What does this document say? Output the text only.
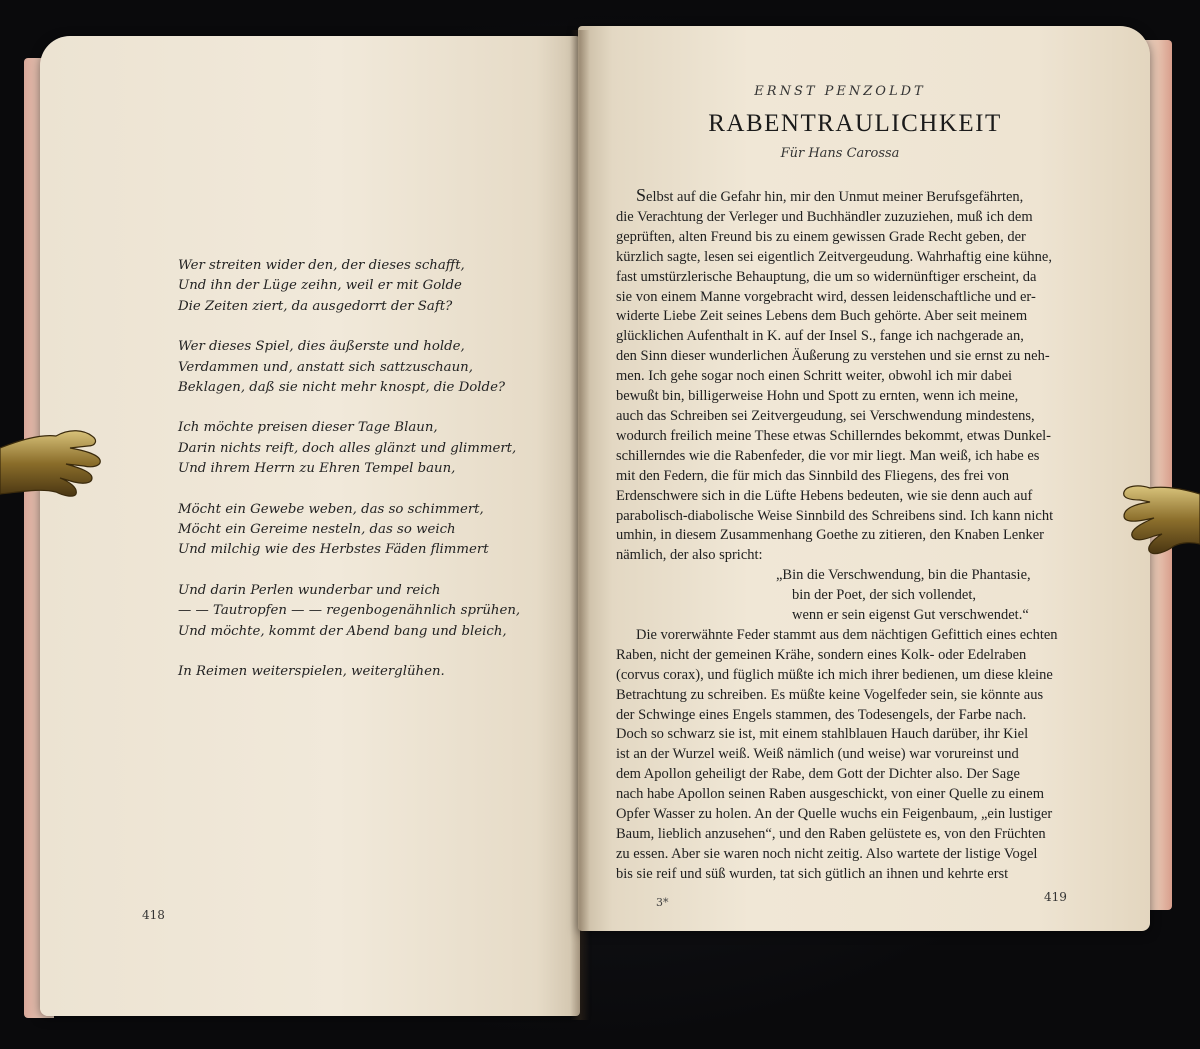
Wer streiten wider den, der dieses schafft,
Und ihn der Lüge zeihn, weil er mit Golde
Die Zeiten ziert, da ausgedorrt der Saft?
Wer dieses Spiel, dies äußerste und holde,
Verdammen und, anstatt sich sattzuschaun,
Beklagen, daß sie nicht mehr knospt, die Dolde?
Ich möchte preisen dieser Tage Blaun,
Darin nichts reift, doch alles glänzt und glimmert,
Und ihrem Herrn zu Ehren Tempel baun,
Möcht ein Gewebe weben, das so schimmert,
Möcht ein Gereime nesteln, das so weich
Und milchig wie des Herbstes Fäden flimmert
Und darin Perlen wunderbar und reich
— — Tautropfen — — regenbogenähnlich sprühen,
Und möchte, kommt der Abend bang und bleich,
In Reimen weiterspielen, weiterglühen.
418
ERNST PENZOLDT
RABENTRAULICHKEIT
Für Hans Carossa
Selbst auf die Gefahr hin, mir den Unmut meiner Berufsgefährten,
die Verachtung der Verleger und Buchhändler zuzuziehen, muß ich dem
geprüften, alten Freund bis zu einem gewissen Grade Recht geben, der
kürzlich sagte, lesen sei eigentlich Zeitvergeudung. Wahrhaftig eine kühne,
fast umstürzlerische Behauptung, die um so widernünftiger erscheint, da
sie von einem Manne vorgebracht wird, dessen leidenschaftliche und er-
widerte Liebe Zeit seines Lebens dem Buch gehörte. Aber seit meinem
glücklichen Aufenthalt in K. auf der Insel S., fange ich nachgerade an,
den Sinn dieser wunderlichen Äußerung zu verstehen und sie ernst zu neh-
men. Ich gehe sogar noch einen Schritt weiter, obwohl ich mir dabei
bewußt bin, billigerweise Hohn und Spott zu ernten, wenn ich meine,
auch das Schreiben sei Zeitvergeudung, sei Verschwendung mindestens,
wodurch freilich meine These etwas Schillerndes bekommt, etwas Dunkel-
schillerndes wie die Rabenfeder, die vor mir liegt. Man weiß, ich habe es
mit den Federn, die für mich das Sinnbild des Fliegens, des frei von
Erdenschwere sich in die Lüfte Hebens bedeuten, wie sie denn auch auf
parabolisch-diabolische Weise Sinnbild des Schreibens sind. Ich kann nicht
umhin, in diesem Zusammenhang Goethe zu zitieren, den Knaben Lenker
nämlich, der also spricht:
„Bin die Verschwendung, bin die Phantasie,
bin der Poet, der sich vollendet,
wenn er sein eigenst Gut verschwendet.“
Die vorerwähnte Feder stammt aus dem nächtigen Gefittich eines echten
Raben, nicht der gemeinen Krähe, sondern eines Kolk- oder Edelraben
(corvus corax), und füglich müßte ich mich ihrer bedienen, um diese kleine
Betrachtung zu schreiben. Es müßte keine Vogelfeder sein, sie könnte aus
der Schwinge eines Engels stammen, des Todesengels, der Farbe nach.
Doch so schwarz sie ist, mit einem stahlblauen Hauch darüber, ihr Kiel
ist an der Wurzel weiß. Weiß nämlich (und weise) war vorureinst und
dem Apollon geheiligt der Rabe, dem Gott der Dichter also. Der Sage
nach habe Apollon seinen Raben ausgeschickt, von einer Quelle zu einem
Opfer Wasser zu holen. An der Quelle wuchs ein Feigenbaum, „ein lustiger
Baum, lieblich anzusehen“, und den Raben gelüstete es, von den Früchten
zu essen. Aber sie waren noch nicht zeitig. Also wartete der listige Vogel
bis sie reif und süß wurden, tat sich gütlich an ihnen und kehrte erst
3*	419
